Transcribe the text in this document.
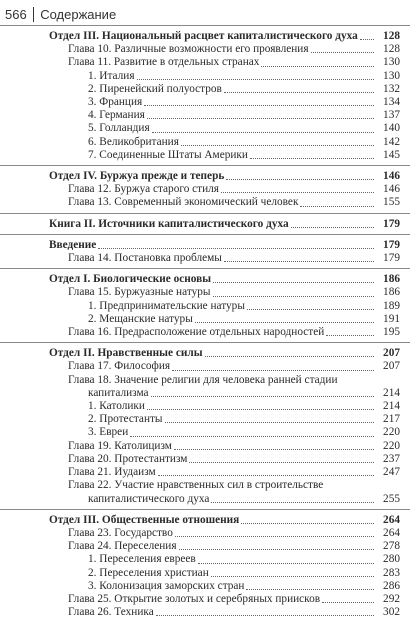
566 Содержание
Отдел III. Национальный расцвет капиталистического духа	128
Глава 10. Различные возможности его проявления	128
Глава 11. Развитие в отдельных странах	130
1. Италия	130
2. Пиренейский полуостров	132
3. Франция	134
4. Германия	137
5. Голландия	140
6. Великобритания	142
7. Соединенные Штаты Америки	145
Отдел IV. Буржуа прежде и теперь	146
Глава 12. Буржуа старого стиля	146
Глава 13. Современный экономический человек	155
Книга II. Источники капиталистического духа	179
Введение	179
Глава 14. Постановка проблемы	179
Отдел I. Биологические основы	186
Глава 15. Буржуазные натуры	186
1. Предпринимательские натуры	189
2. Мещанские натуры	191
Глава 16. Предрасположение отдельных народностей	195
Отдел II. Нравственные силы	207
Глава 17. Философия	207
Глава 18. Значение религии для человека ранней стадии
капитализма	214
1. Католики	214
2. Протестанты	217
3. Евреи	220
Глава 19. Католицизм	220
Глава 20. Протестантизм	237
Глава 21. Иудаизм	247
Глава 22. Участие нравственных сил в строительстве
капиталистического духа	255
Отдел III. Общественные отношения	264
Глава 23. Государство	264
Глава 24. Переселения	278
1. Переселения евреев	280
2. Переселения христиан	283
3. Колонизация заморских стран	286
Глава 25. Открытие золотых и серебряных приисков	292
Глава 26. Техника	302
